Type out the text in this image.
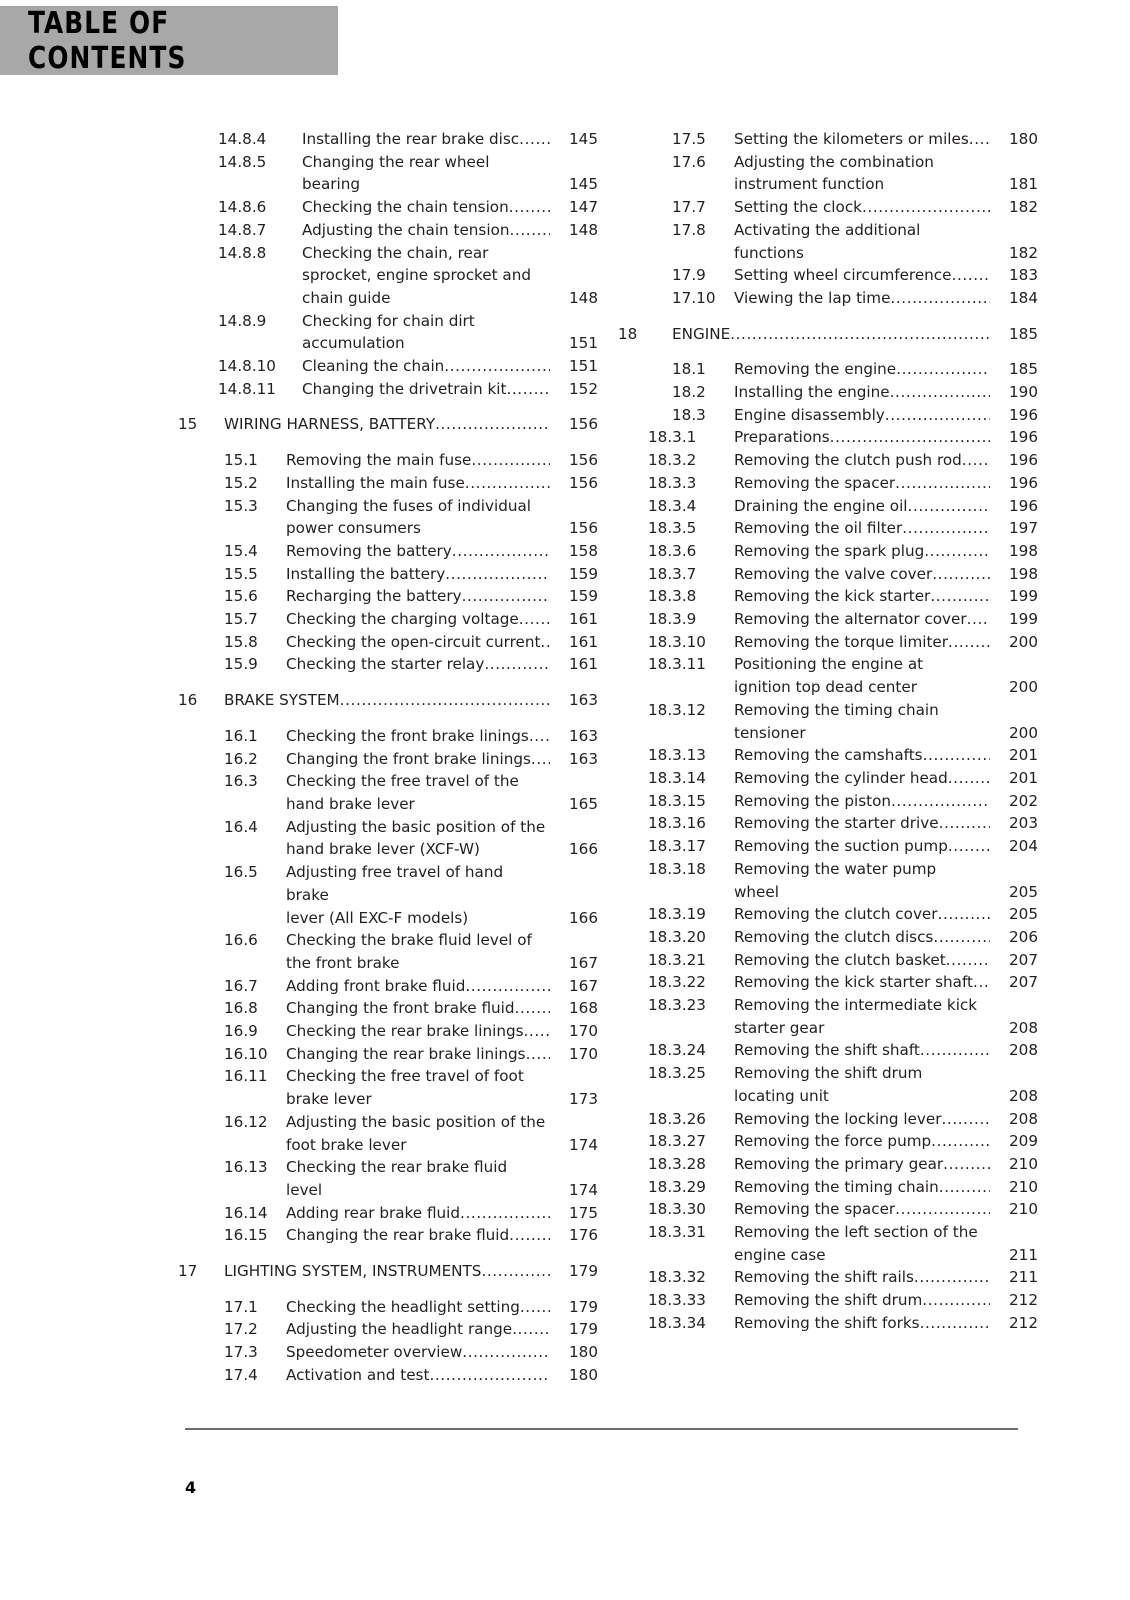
TABLE OF CONTENTS
14.8.4	Installing the rear brake disc .....	145
14.8.5	Changing the rear wheel
bearing	145
14.8.6	Checking the chain tension .....	147
14.8.7	Adjusting the chain tension .....	148
14.8.8	Checking the chain, rear
sprocket, engine sprocket and
chain guide	148
14.8.9	Checking for chain dirt
accumulation	151
14.8.10	Cleaning the chain .....	151
14.8.11	Changing the drivetrain kit .....	152
15	WIRING HARNESS, BATTERY .....	156
15.1	Removing the main fuse .....	156
15.2	Installing the main fuse .....	156
15.3	Changing the fuses of individual
power consumers	156
15.4	Removing the battery .....	158
15.5	Installing the battery .....	159
15.6	Recharging the battery .....	159
15.7	Checking the charging voltage .....	161
15.8	Checking the open-circuit current .....	161
15.9	Checking the starter relay .....	161
16	BRAKE SYSTEM .....	163
16.1	Checking the front brake linings .....	163
16.2	Changing the front brake linings .....	163
16.3	Checking the free travel of the
hand brake lever	165
16.4	Adjusting the basic position of the
hand brake lever (XCF-W)	166
16.5	Adjusting free travel of hand brake
lever (All EXC-F models)	166
16.6	Checking the brake fluid level of
the front brake	167
16.7	Adding front brake fluid .....	167
16.8	Changing the front brake fluid .....	168
16.9	Checking the rear brake linings .....	170
16.10	Changing the rear brake linings .....	170
16.11	Checking the free travel of foot
brake lever	173
16.12	Adjusting the basic position of the
foot brake lever	174
16.13	Checking the rear brake fluid
level	174
16.14	Adding rear brake fluid .....	175
16.15	Changing the rear brake fluid .....	176
17	LIGHTING SYSTEM, INSTRUMENTS .....	179
17.1	Checking the headlight setting .....	179
17.2	Adjusting the headlight range .....	179
17.3	Speedometer overview .....	180
17.4	Activation and test .....	180
17.5	Setting the kilometers or miles .....	180
17.6	Adjusting the combination
instrument function	181
17.7	Setting the clock .....	182
17.8	Activating the additional
functions	182
17.9	Setting wheel circumference .....	183
17.10	Viewing the lap time .....	184
18	ENGINE .....	185
18.1	Removing the engine .....	185
18.2	Installing the engine .....	190
18.3	Engine disassembly .....	196
18.3.1	Preparations .....	196
18.3.2	Removing the clutch push rod .....	196
18.3.3	Removing the spacer .....	196
18.3.4	Draining the engine oil .....	196
18.3.5	Removing the oil filter .....	197
18.3.6	Removing the spark plug .....	198
18.3.7	Removing the valve cover .....	198
18.3.8	Removing the kick starter .....	199
18.3.9	Removing the alternator cover .....	199
18.3.10	Removing the torque limiter .....	200
18.3.11	Positioning the engine at
ignition top dead center	200
18.3.12	Removing the timing chain
tensioner	200
18.3.13	Removing the camshafts .....	201
18.3.14	Removing the cylinder head .....	201
18.3.15	Removing the piston .....	202
18.3.16	Removing the starter drive .....	203
18.3.17	Removing the suction pump .....	204
18.3.18	Removing the water pump
wheel	205
18.3.19	Removing the clutch cover .....	205
18.3.20	Removing the clutch discs .....	206
18.3.21	Removing the clutch basket .....	207
18.3.22	Removing the kick starter shaft .....	207
18.3.23	Removing the intermediate kick
starter gear	208
18.3.24	Removing the shift shaft .....	208
18.3.25	Removing the shift drum
locating unit	208
18.3.26	Removing the locking lever .....	208
18.3.27	Removing the force pump .....	209
18.3.28	Removing the primary gear .....	210
18.3.29	Removing the timing chain .....	210
18.3.30	Removing the spacer .....	210
18.3.31	Removing the left section of the
engine case	211
18.3.32	Removing the shift rails .....	211
18.3.33	Removing the shift drum .....	212
18.3.34	Removing the shift forks .....	212
4
